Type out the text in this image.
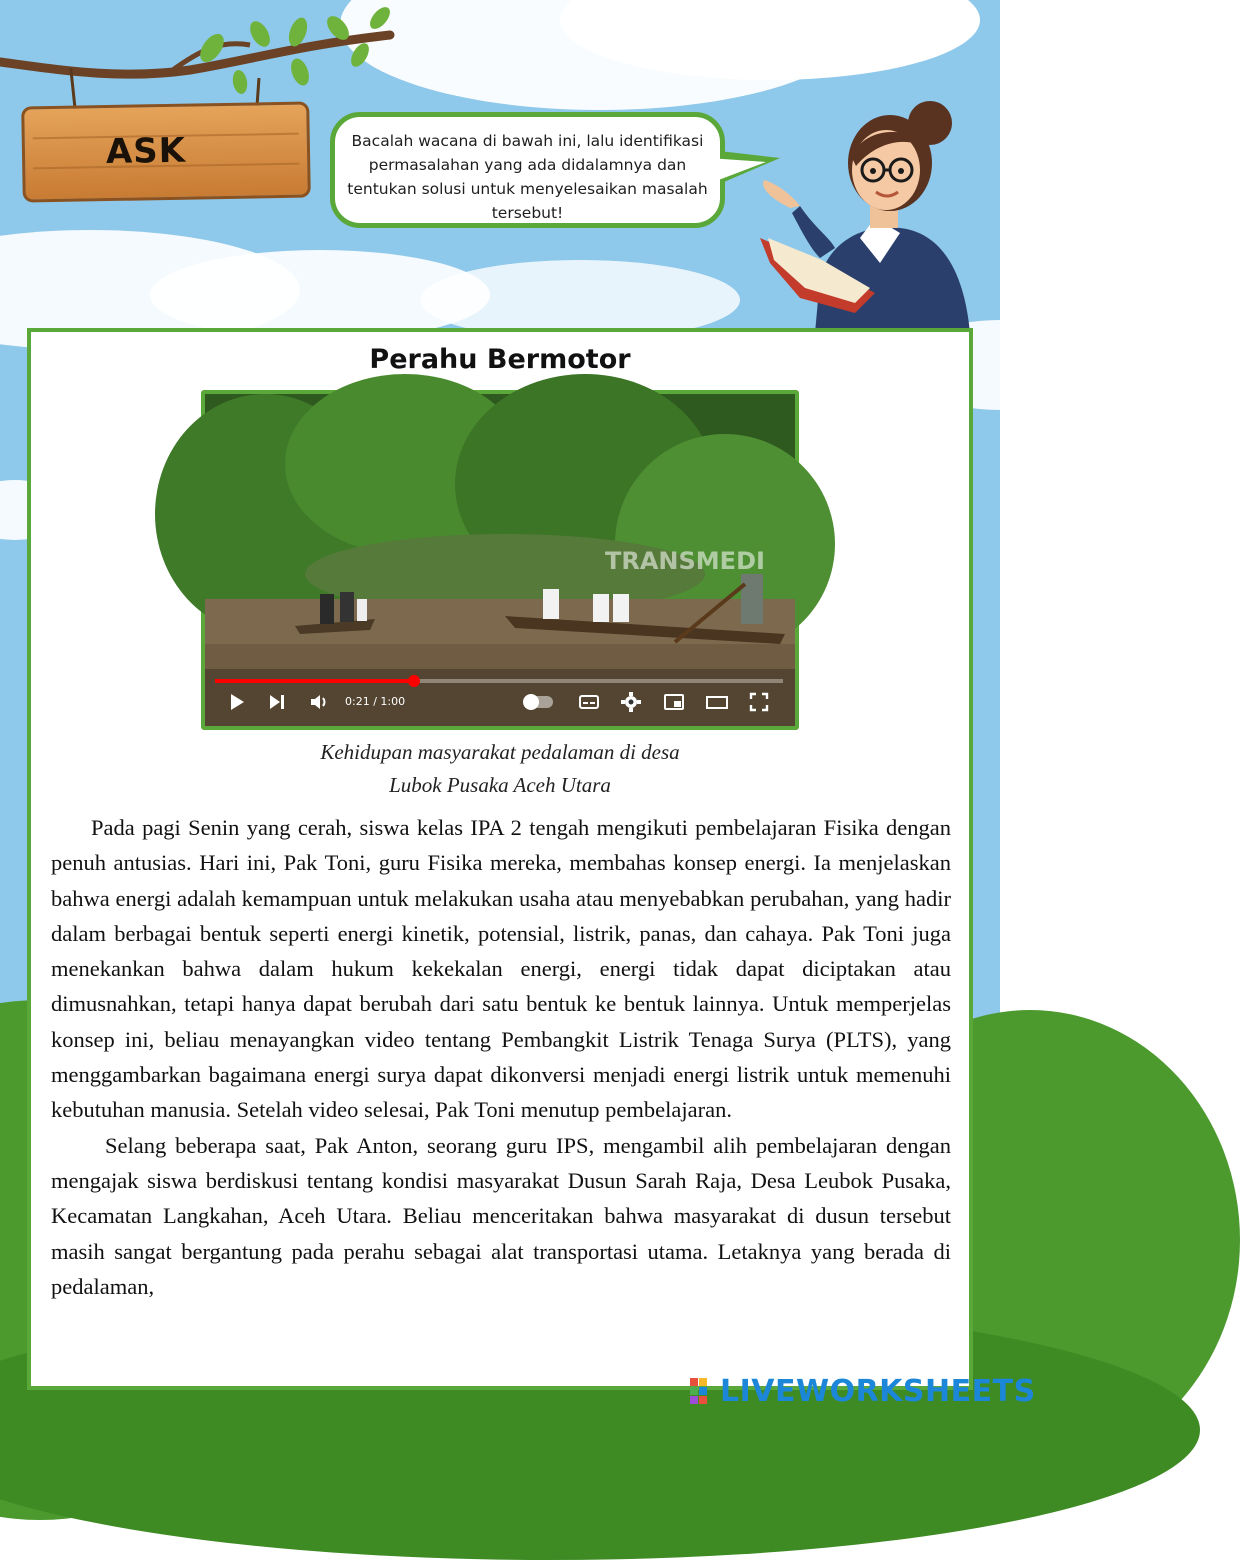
ASK	Bacalah wacana di bawah ini, lalu identifikasi permasalahan yang ada didalamnya dan tentukan solusi untuk menyelesaikan masalah tersebut!
Perahu Bermotor
TRANSMEDI
0:21 / 1:00
Kehidupan masyarakat pedalaman di desa
Lubok Pusaka Aceh Utara

Pada pagi Senin yang cerah, siswa kelas IPA 2 tengah mengikuti pembelajaran Fisika dengan penuh antusias. Hari ini, Pak Toni, guru Fisika mereka, membahas konsep energi. Ia menjelaskan bahwa energi adalah kemampuan untuk melakukan usaha atau menyebabkan perubahan, yang hadir dalam berbagai bentuk seperti energi kinetik, potensial, listrik, panas, dan cahaya. Pak Toni juga menekankan bahwa dalam hukum kekekalan energi, energi tidak dapat diciptakan atau dimusnahkan, tetapi hanya dapat berubah dari satu bentuk ke bentuk lainnya. Untuk memperjelas konsep ini, beliau menayangkan video tentang Pembangkit Listrik Tenaga Surya (PLTS), yang menggambarkan bagaimana energi surya dapat dikonversi menjadi energi listrik untuk memenuhi kebutuhan manusia. Setelah video selesai, Pak Toni menutup pembelajaran.

Selang beberapa saat, Pak Anton, seorang guru IPS, mengambil alih pembelajaran dengan mengajak siswa berdiskusi tentang kondisi masyarakat Dusun Sarah Raja, Desa Leubok Pusaka, Kecamatan Langkahan, Aceh Utara. Beliau menceritakan bahwa masyarakat di dusun tersebut masih sangat bergantung pada perahu sebagai alat transportasi utama. Letaknya yang berada di pedalaman,

LIVEWORKSHEETS
